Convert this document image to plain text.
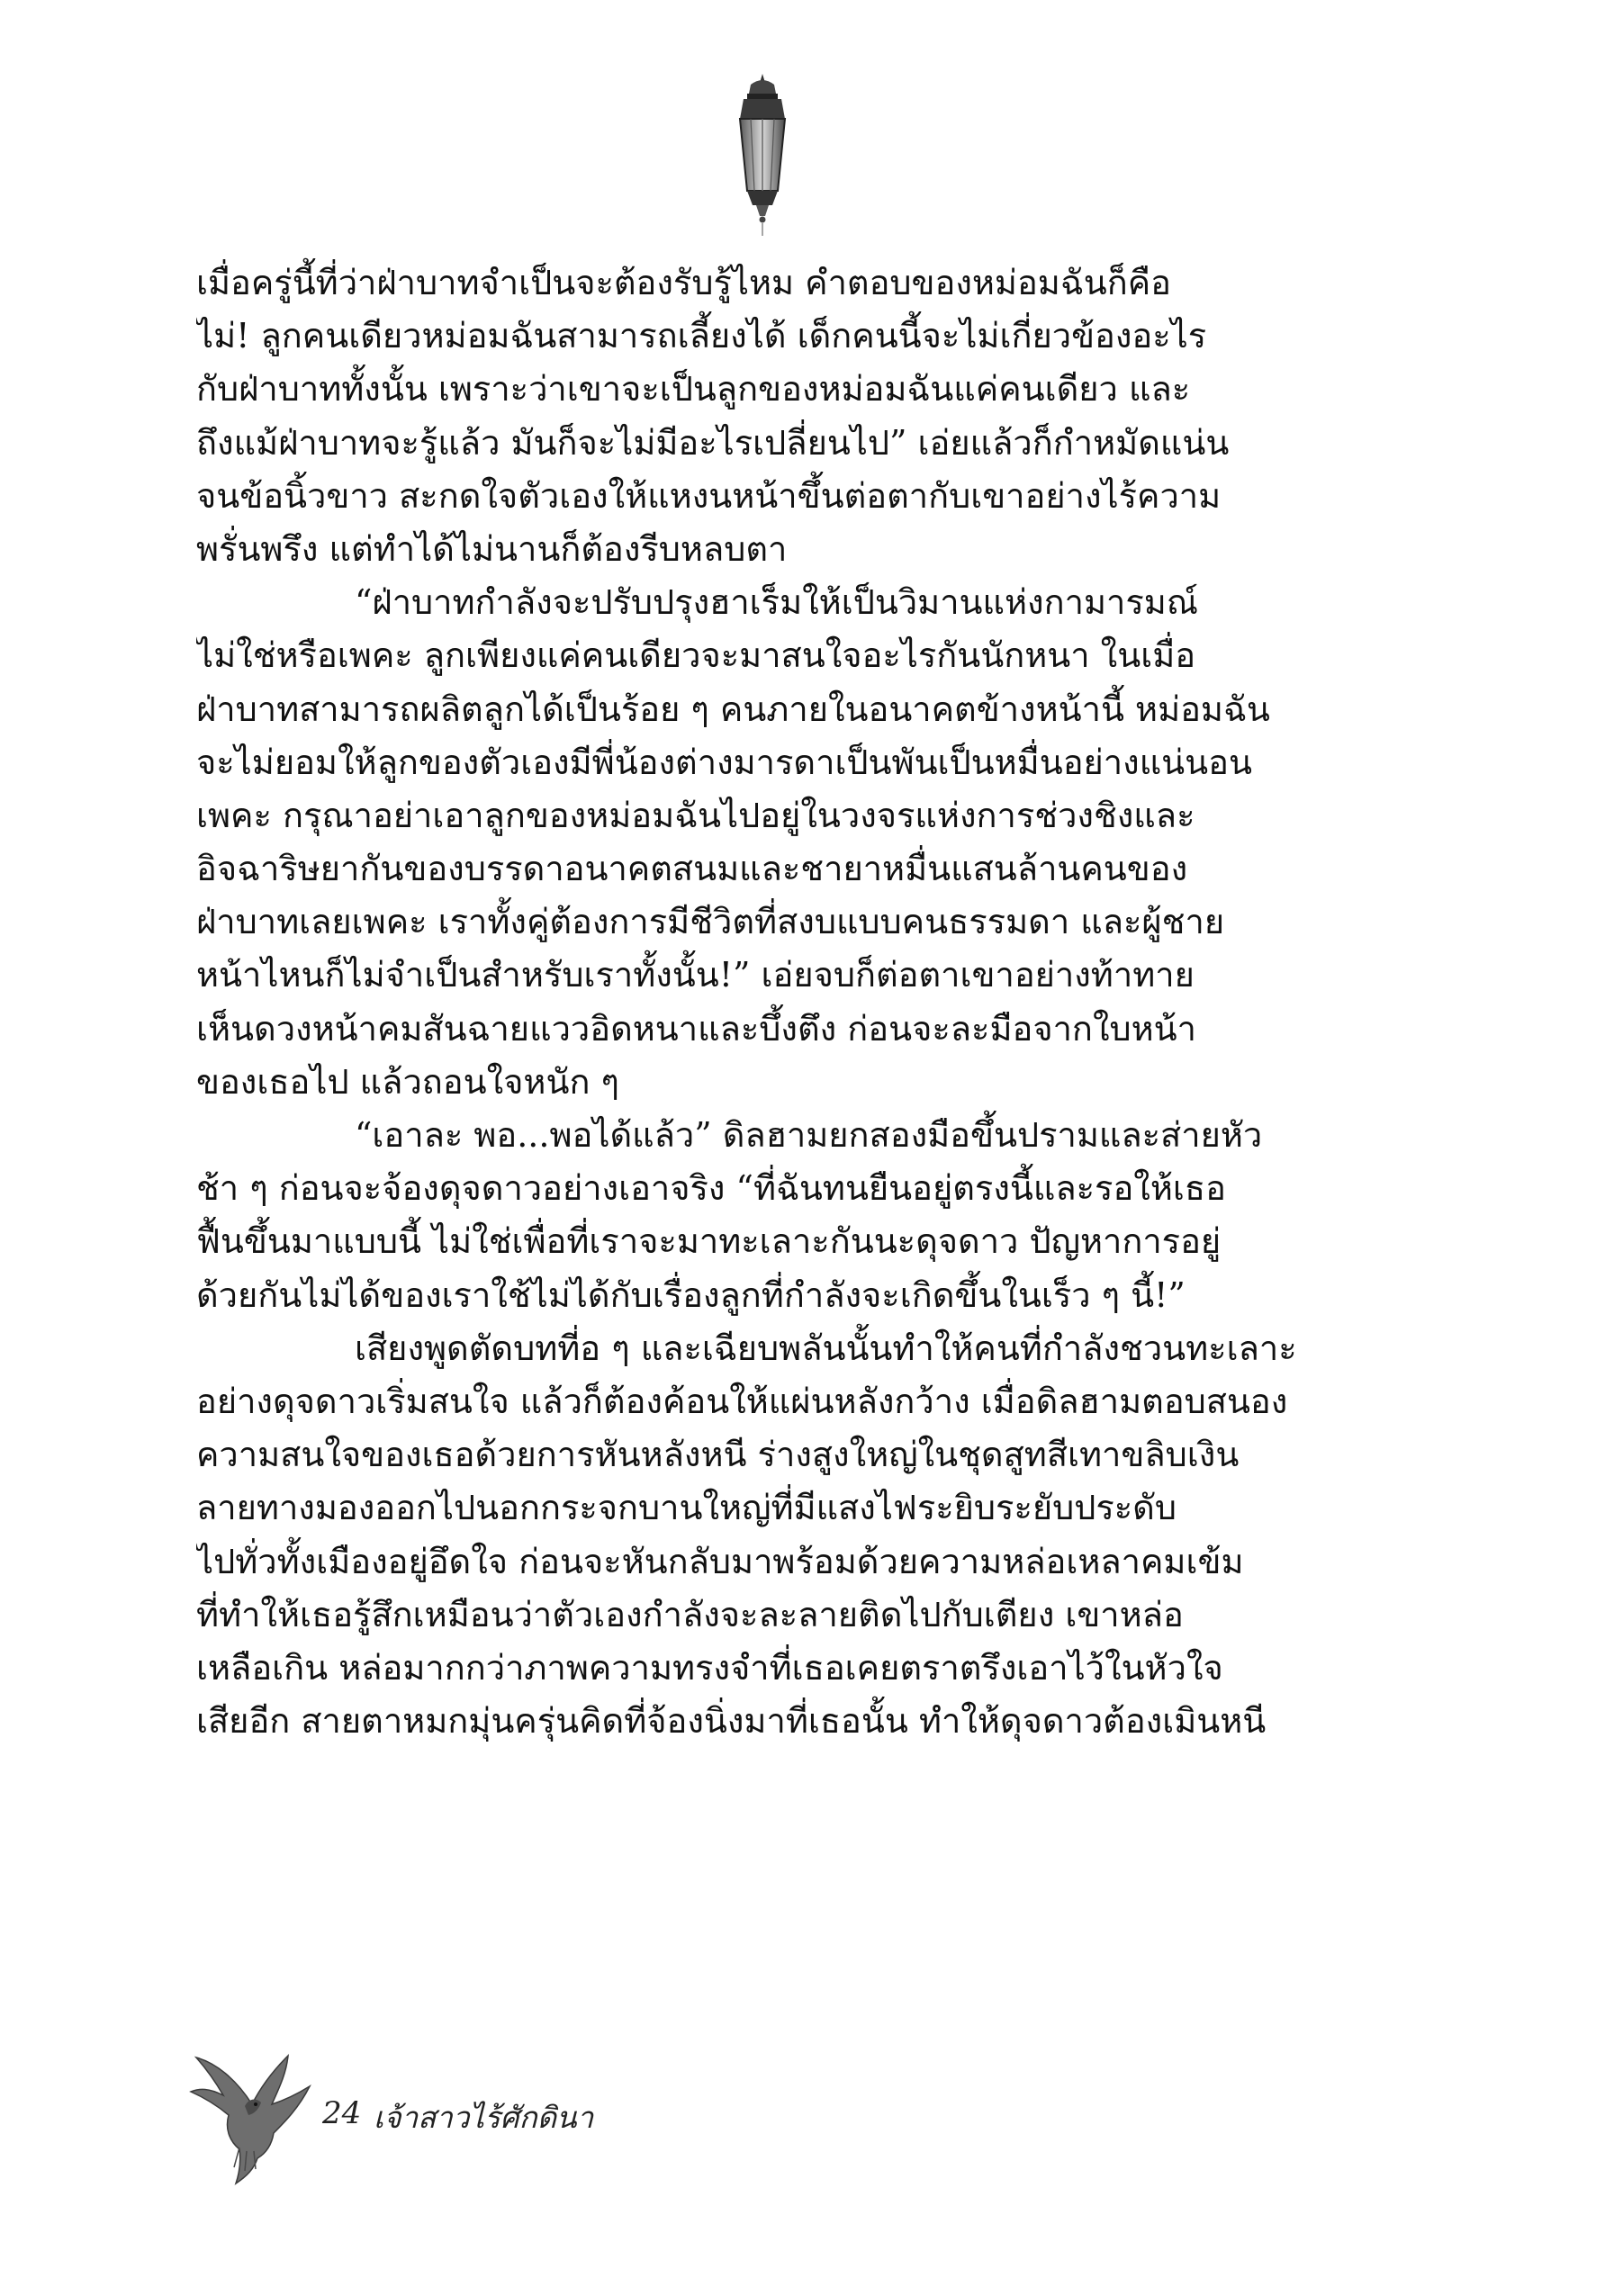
เมื่อครู่นี้ที่ว่าฝ่าบาทจำเป็นจะต้องรับรู้ไหม คำตอบของหม่อมฉันก็คือ
ไม่! ลูกคนเดียวหม่อมฉันสามารถเลี้ยงได้ เด็กคนนี้จะไม่เกี่ยวข้องอะไร
กับฝ่าบาททั้งนั้น เพราะว่าเขาจะเป็นลูกของหม่อมฉันแค่คนเดียว และ
ถึงแม้ฝ่าบาทจะรู้แล้ว มันก็จะไม่มีอะไรเปลี่ยนไป” เอ่ยแล้วก็กำหมัดแน่น
จนข้อนิ้วขาว สะกดใจตัวเองให้แหงนหน้าขึ้นต่อตากับเขาอย่างไร้ความ
พรั่นพรึง แต่ทำได้ไม่นานก็ต้องรีบหลบตา
“ฝ่าบาทกำลังจะปรับปรุงฮาเร็มให้เป็นวิมานแห่งกามารมณ์
ไม่ใช่หรือเพคะ ลูกเพียงแค่คนเดียวจะมาสนใจอะไรกันนักหนา ในเมื่อ
ฝ่าบาทสามารถผลิตลูกได้เป็นร้อย ๆ คนภายในอนาคตข้างหน้านี้ หม่อมฉัน
จะไม่ยอมให้ลูกของตัวเองมีพี่น้องต่างมารดาเป็นพันเป็นหมื่นอย่างแน่นอน
เพคะ กรุณาอย่าเอาลูกของหม่อมฉันไปอยู่ในวงจรแห่งการช่วงชิงและ
อิจฉาริษยากันของบรรดาอนาคตสนมและชายาหมื่นแสนล้านคนของ
ฝ่าบาทเลยเพคะ เราทั้งคู่ต้องการมีชีวิตที่สงบแบบคนธรรมดา และผู้ชาย
หน้าไหนก็ไม่จำเป็นสำหรับเราทั้งนั้น!” เอ่ยจบก็ต่อตาเขาอย่างท้าทาย
เห็นดวงหน้าคมสันฉายแววอิดหนาและบึ้งตึง ก่อนจะละมือจากใบหน้า
ของเธอไป แล้วถอนใจหนัก ๆ
“เอาละ พอ...พอได้แล้ว” ดิลฮามยกสองมือขึ้นปรามและส่ายหัว
ช้า ๆ ก่อนจะจ้องดุจดาวอย่างเอาจริง “ที่ฉันทนยืนอยู่ตรงนี้และรอให้เธอ
ฟื้นขึ้นมาแบบนี้ ไม่ใช่เพื่อที่เราจะมาทะเลาะกันนะดุจดาว ปัญหาการอยู่
ด้วยกันไม่ได้ของเราใช้ไม่ได้กับเรื่องลูกที่กำลังจะเกิดขึ้นในเร็ว ๆ นี้!”
เสียงพูดตัดบทที่อ ๆ และเฉียบพลันนั้นทำให้คนที่กำลังชวนทะเลาะ
อย่างดุจดาวเริ่มสนใจ แล้วก็ต้องค้อนให้แผ่นหลังกว้าง เมื่อดิลฮามตอบสนอง
ความสนใจของเธอด้วยการหันหลังหนี ร่างสูงใหญ่ในชุดสูทสีเทาขลิบเงิน
ลายทางมองออกไปนอกกระจกบานใหญ่ที่มีแสงไฟระยิบระยับประดับ
ไปทั่วทั้งเมืองอยู่อึดใจ ก่อนจะหันกลับมาพร้อมด้วยความหล่อเหลาคมเข้ม
ที่ทำให้เธอรู้สึกเหมือนว่าตัวเองกำลังจะละลายติดไปกับเตียง เขาหล่อ
เหลือเกิน หล่อมากกว่าภาพความทรงจำที่เธอเคยตราตรึงเอาไว้ในหัวใจ
เสียอีก สายตาหมกมุ่นครุ่นคิดที่จ้องนิ่งมาที่เธอนั้น ทำให้ดุจดาวต้องเมินหนี
24 เจ้าสาวไร้ศักดินา
